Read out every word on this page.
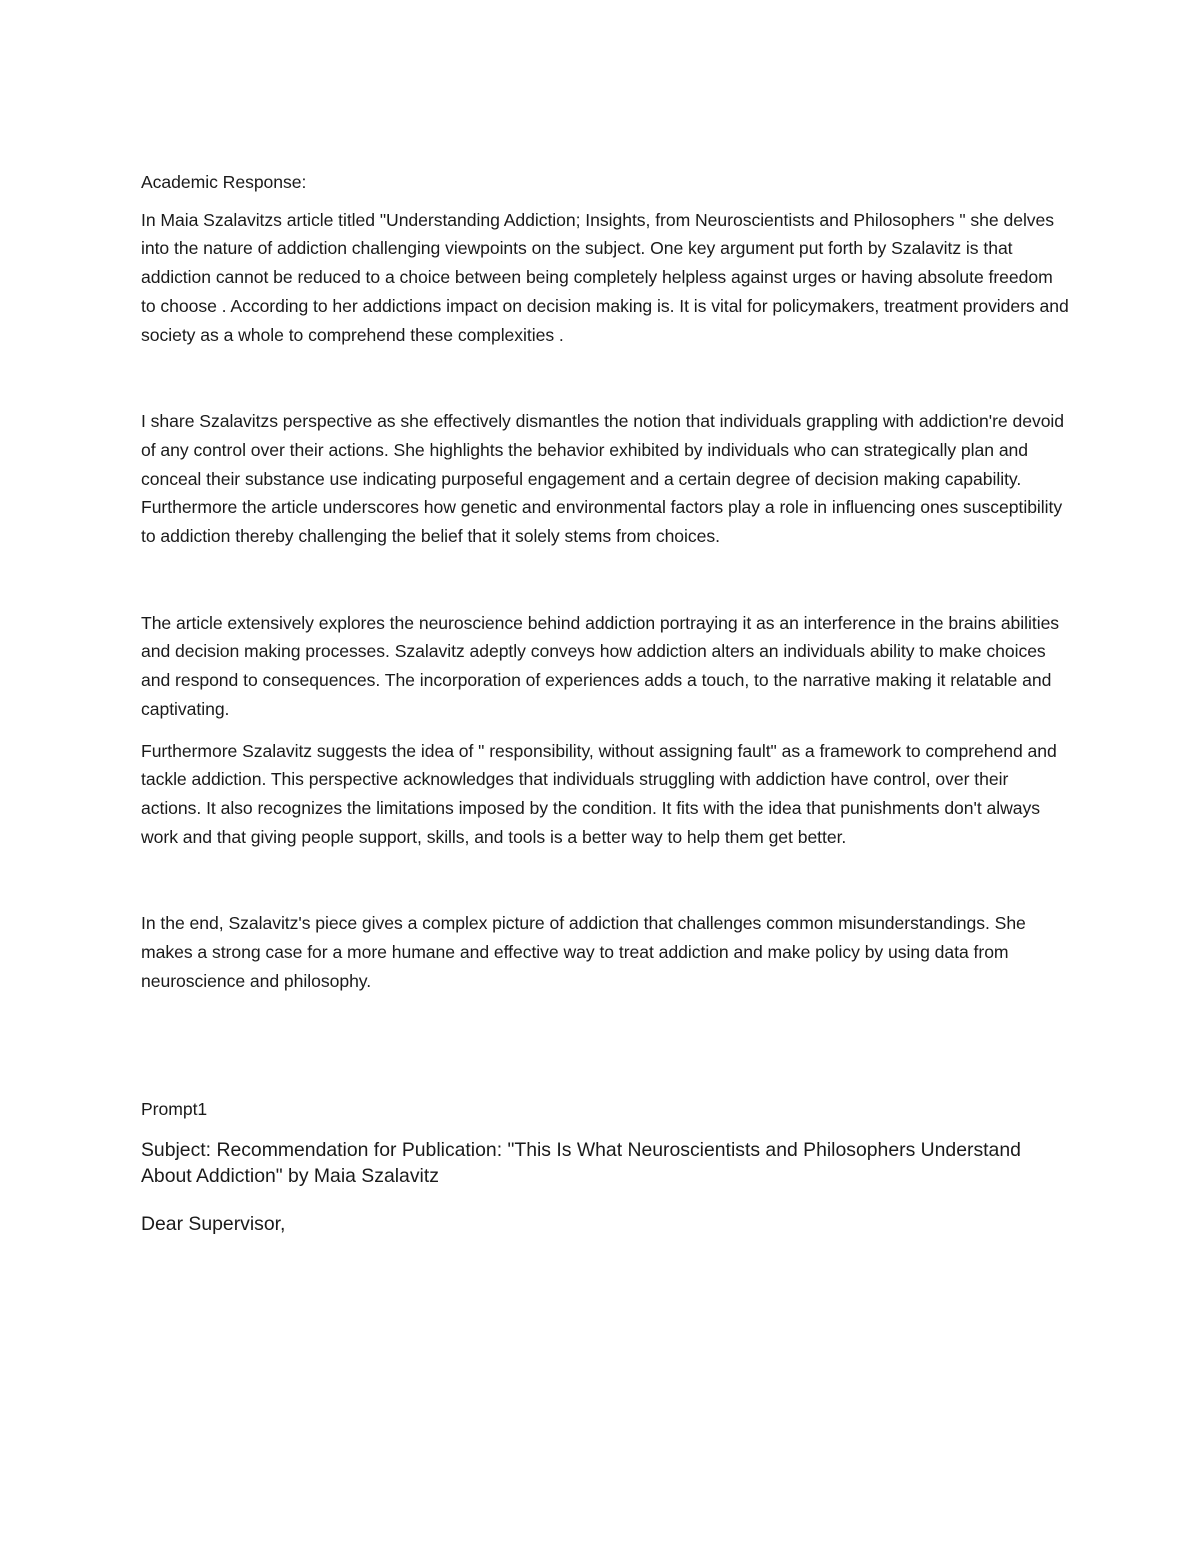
Academic Response:

In Maia Szalavitzs article titled "Understanding Addiction; Insights, from Neuroscientists and Philosophers " she delves into the nature of addiction challenging viewpoints on the subject. One key argument put forth by Szalavitz is that addiction cannot be reduced to a choice between being completely helpless against urges or having absolute freedom to choose . According to her addictions impact on decision making is. It is vital for policymakers, treatment providers and society as a whole to comprehend these complexities .

I share Szalavitzs perspective as she effectively dismantles the notion that individuals grappling with addiction're devoid of any control over their actions. She highlights the behavior exhibited by individuals who can strategically plan and conceal their substance use indicating purposeful engagement and a certain degree of decision making capability. Furthermore the article underscores how genetic and environmental factors play a role in influencing ones susceptibility to addiction thereby challenging the belief that it solely stems from choices.

The article extensively explores the neuroscience behind addiction portraying it as an interference in the brains abilities and decision making processes. Szalavitz adeptly conveys how addiction alters an individuals ability to make choices and respond to consequences. The incorporation of experiences adds a touch, to the narrative making it relatable and captivating.

Furthermore Szalavitz suggests the idea of " responsibility, without assigning fault" as a framework to comprehend and tackle addiction. This perspective acknowledges that individuals struggling with addiction have control, over their actions. It also recognizes the limitations imposed by the condition. It fits with the idea that punishments don't always work and that giving people support, skills, and tools is a better way to help them get better.

In the end, Szalavitz's piece gives a complex picture of addiction that challenges common misunderstandings. She makes a strong case for a more humane and effective way to treat addiction and make policy by using data from neuroscience and philosophy.

Prompt1

Subject: Recommendation for Publication: "This Is What Neuroscientists and Philosophers Understand About Addiction" by Maia Szalavitz

Dear Supervisor,
